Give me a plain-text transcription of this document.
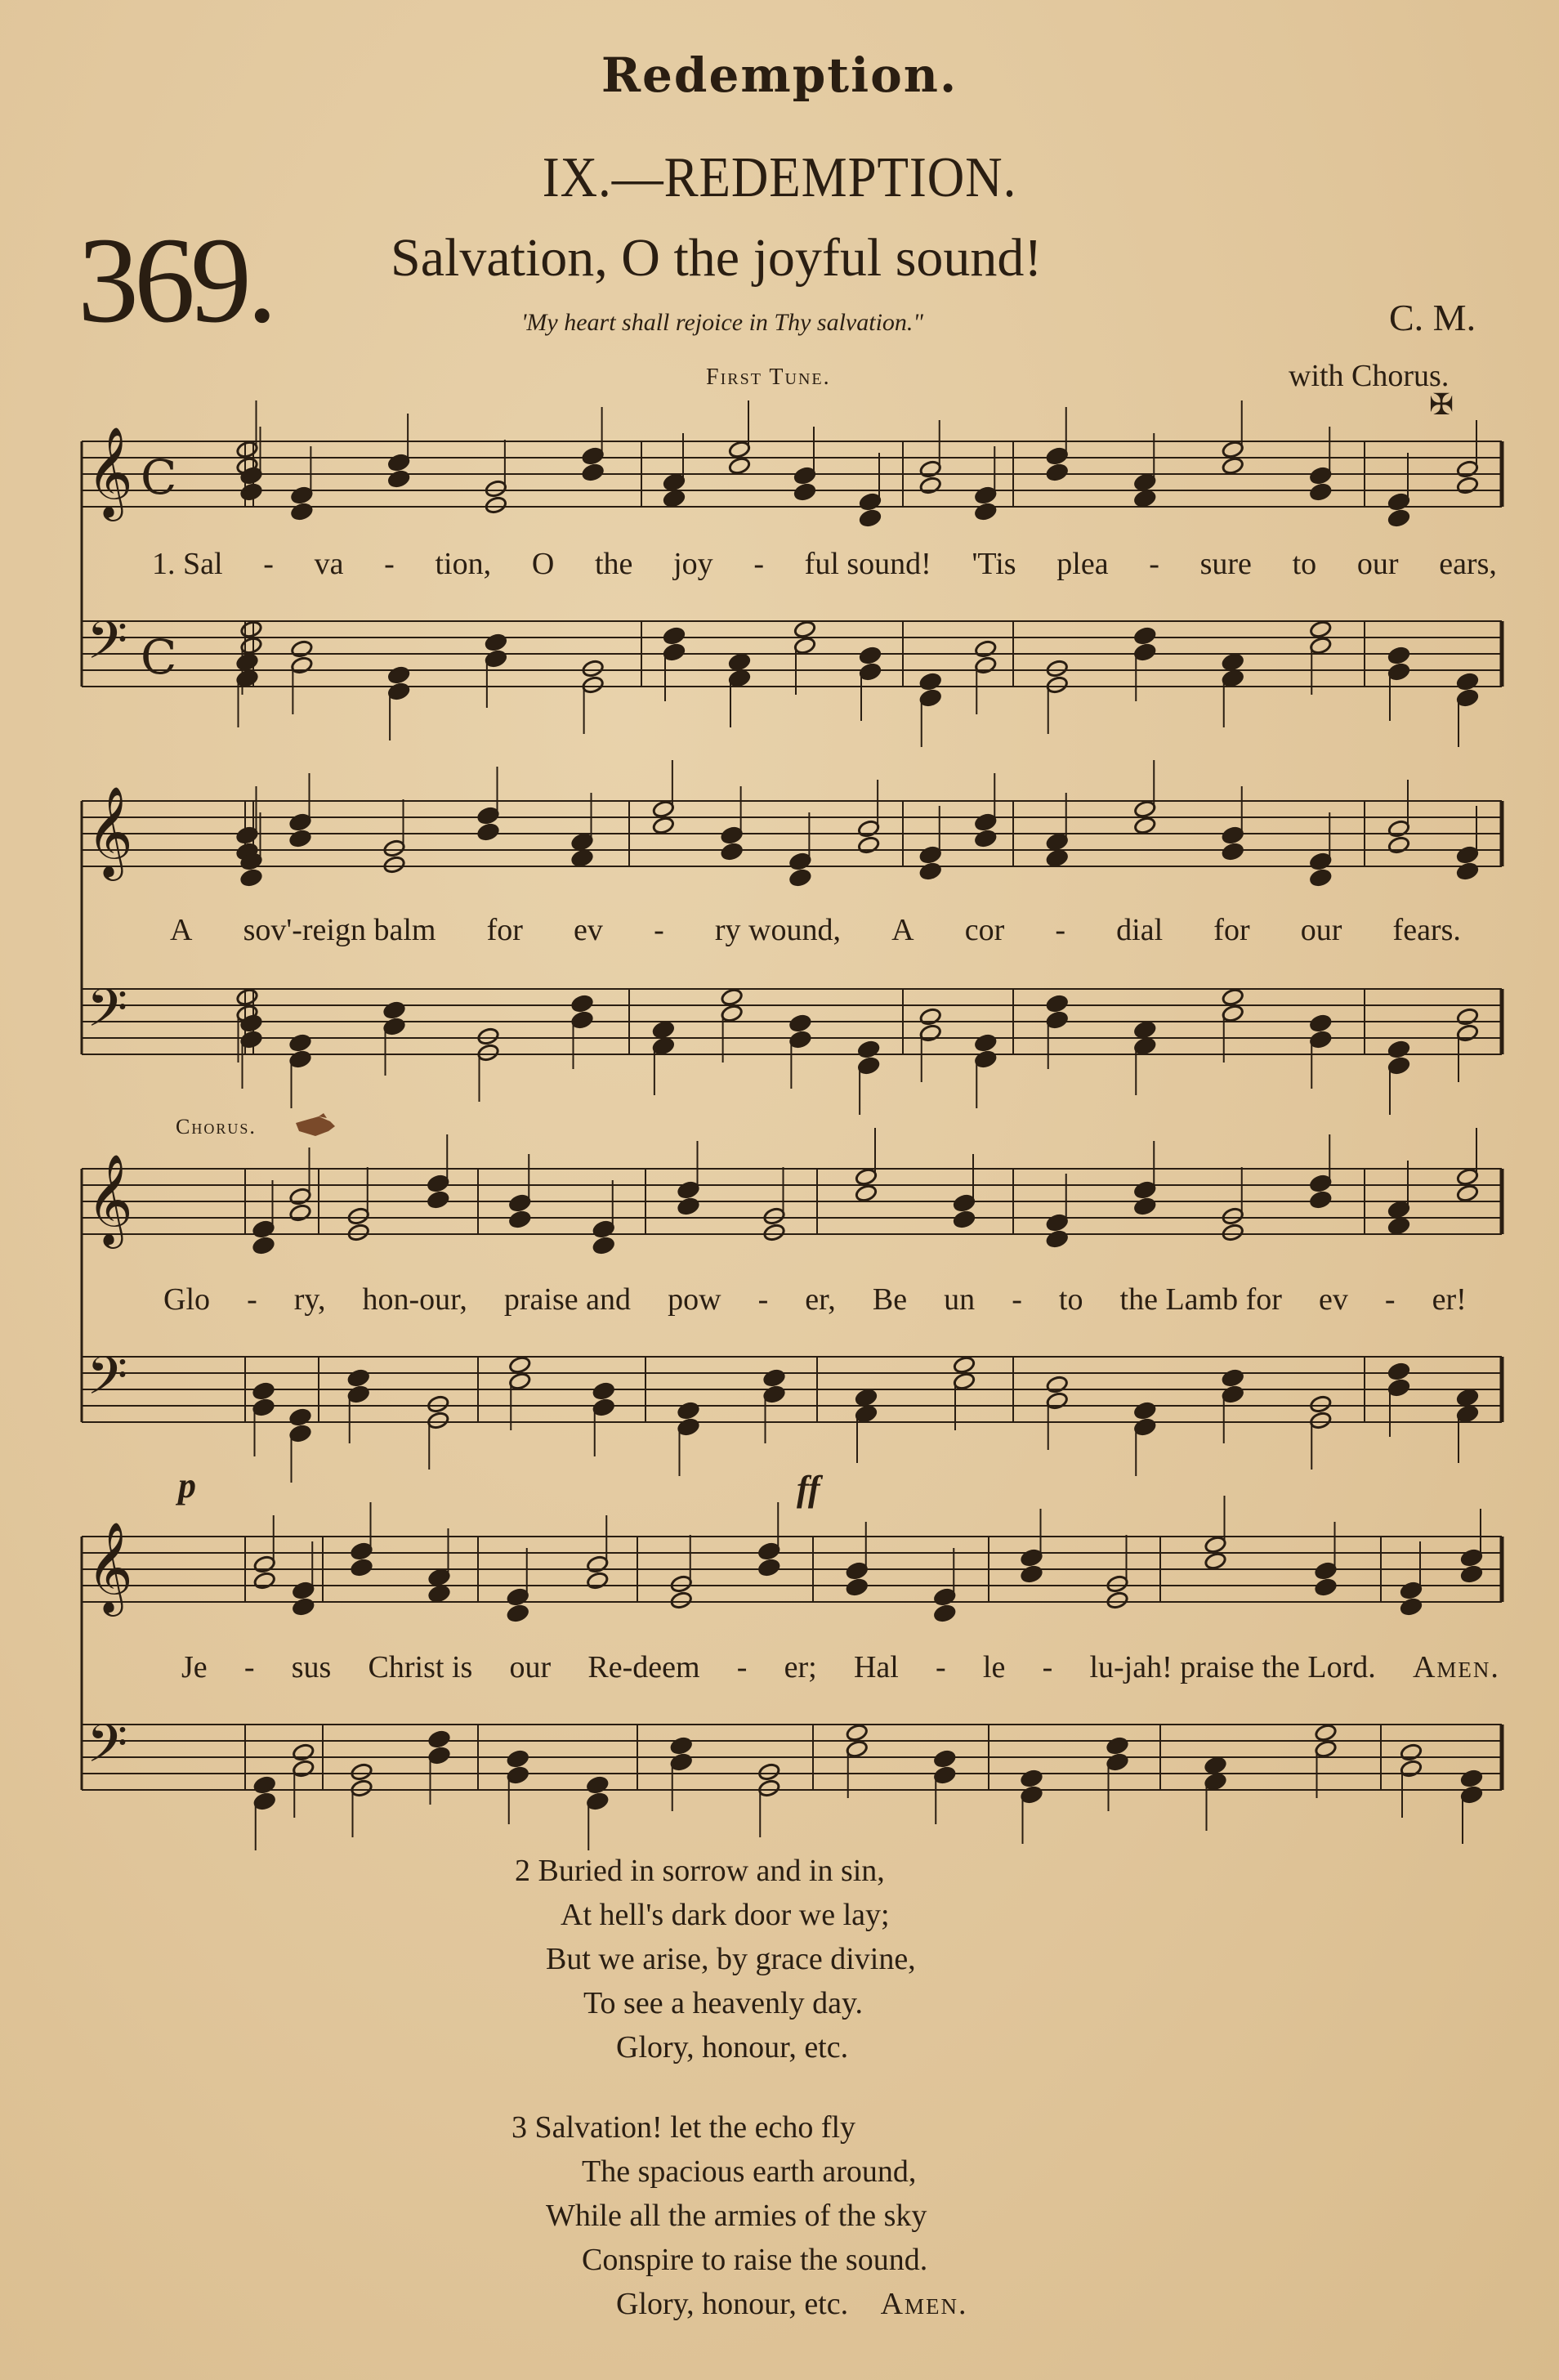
Redemption.
IX.—REDEMPTION.
369. Salvation, O the joyful sound!
'My heart shall rejoice in Thy salvation."	C. M.
First Tune.	with Chorus.
✠
𝄞 C
𝄢 C
𝄞
𝄢
𝄞
𝄢
𝄞
𝄢
Chorus.
p	ff
1. Sal - va - tion, O the joy - ful sound! 'Tis plea - sure to our ears,
A sov'-reign balm for ev - ry wound, A cor - dial for our fears.
Glo - ry, hon-our, praise and pow - er, Be un - to the Lamb for ev - er!
Je - sus Christ is our Re-deem - er; Hal - le - lu-jah! praise the Lord. Amen.
2 Buried in sorrow and in sin,
At hell's dark door we lay;
But we arise, by grace divine,
To see a heavenly day.
Glory, honour, etc.
3 Salvation! let the echo fly
The spacious earth around,
While all the armies of the sky
Conspire to raise the sound.
Glory, honour, etc. Amen.
